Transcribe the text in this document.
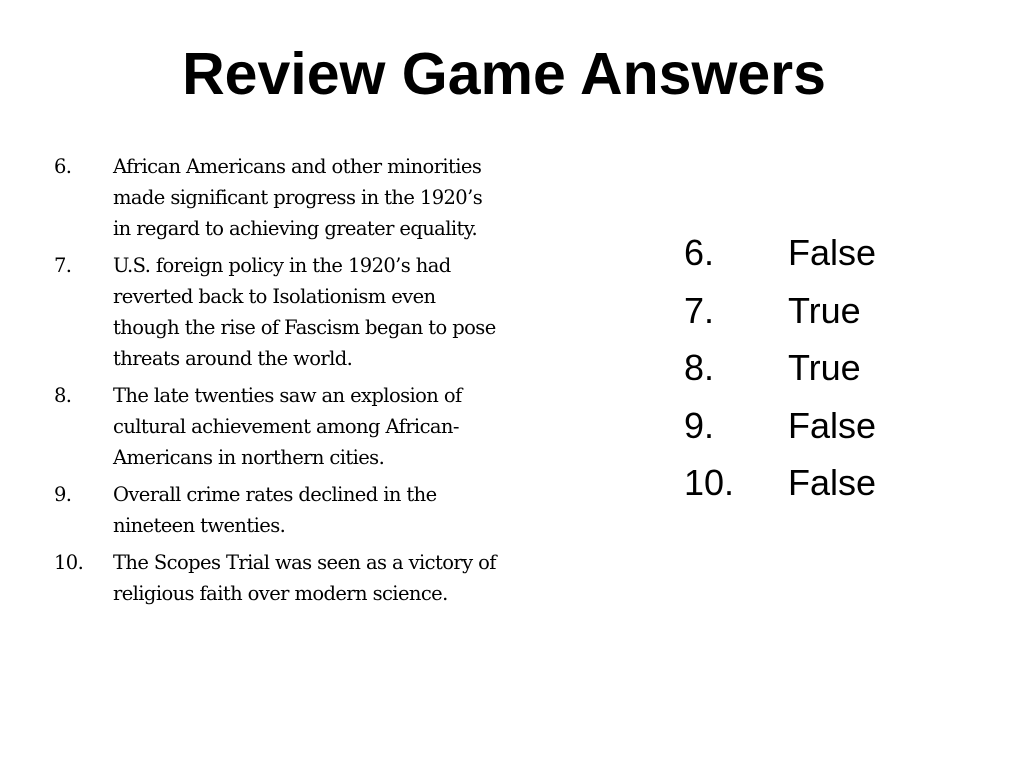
Review Game Answers
6.	African Americans and other minorities made significant progress in the 1920’s in regard to achieving greater equality.
7.	U.S. foreign policy in the 1920’s had reverted back to Isolationism even though the rise of Fascism began to pose threats around the world.
8.	The late twenties saw an explosion of cultural achievement among African-Americans in northern cities.
9.	Overall crime rates declined in the nineteen twenties.
10.	The Scopes Trial was seen as a victory of religious faith over modern science.
6.	False
7.	True
8.	True
9.	False
10.	False
